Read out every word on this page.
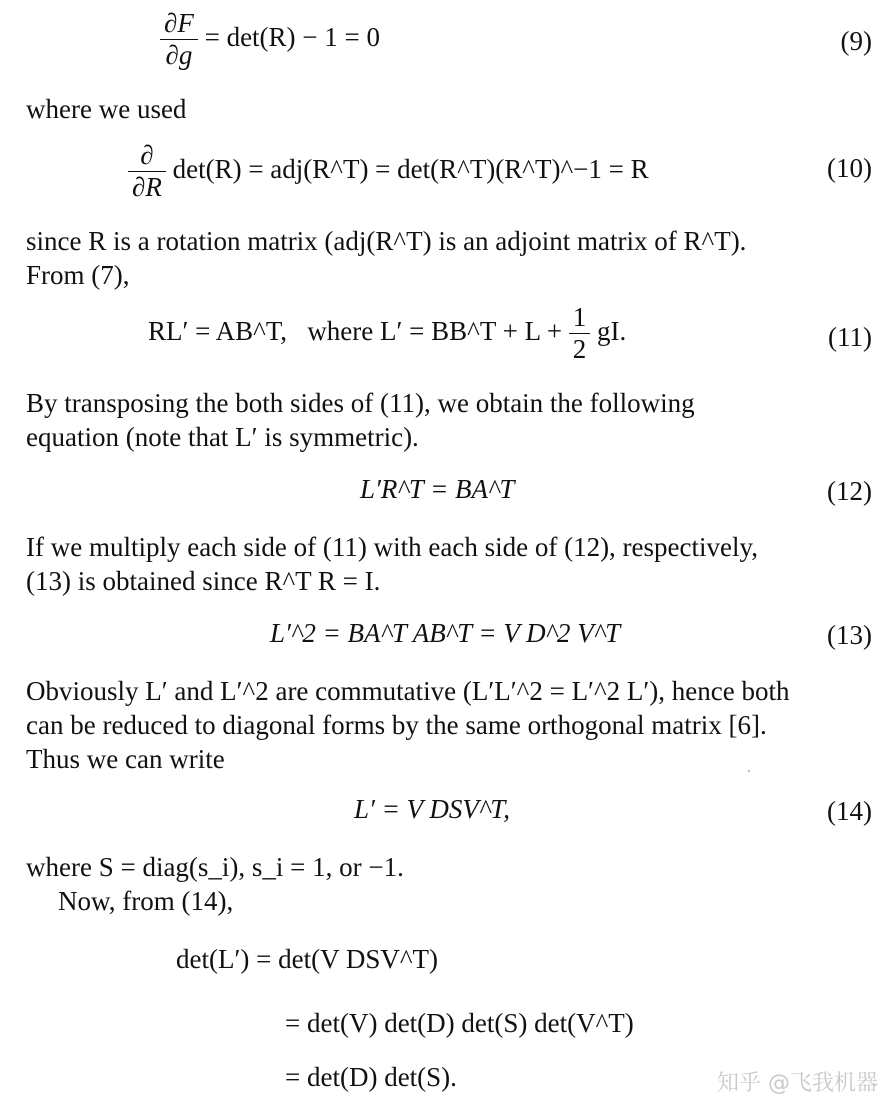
$\frac{\partial F}{\partial g} = \det(R) - 1 = 0$	(9)
where we used
$\frac{\partial}{\partial R} \det(R)$ = adj(R^T) = det(R^T)(R^T)^−1 = R	(10)
since R is a rotation matrix (adj(R^T) is an adjoint matrix of R^T).
From (7),
RL′ = AB^T, where L′ = BB^T + $L + \frac{1}{2}$ gI.	(11)
By transposing the both sides of (11), we obtain the following
equation (note that L′ is symmetric).
L′R^T = BA^T	(12)
If we multiply each side of (11) with each side of (12), respectively,
(13) is obtained since R^T R = I.
L′^2 = BA^T AB^T = V D^2 V^T	(13)
Obviously L′ and L′^2 are commutative (L′L′^2 = L′^2 L′), hence both
can be reduced to diagonal forms by the same orthogonal matrix [6].
Thus we can write
L′ = V DSV^T,	(14)
where S = diag(s_i), s_i = 1, or −1.
Now, from (14),
det(L′) = det(V DSV^T)
= det(V) det(D) det(S) det(V^T)
= det(D) det(S).	知乎 @飞我机器
